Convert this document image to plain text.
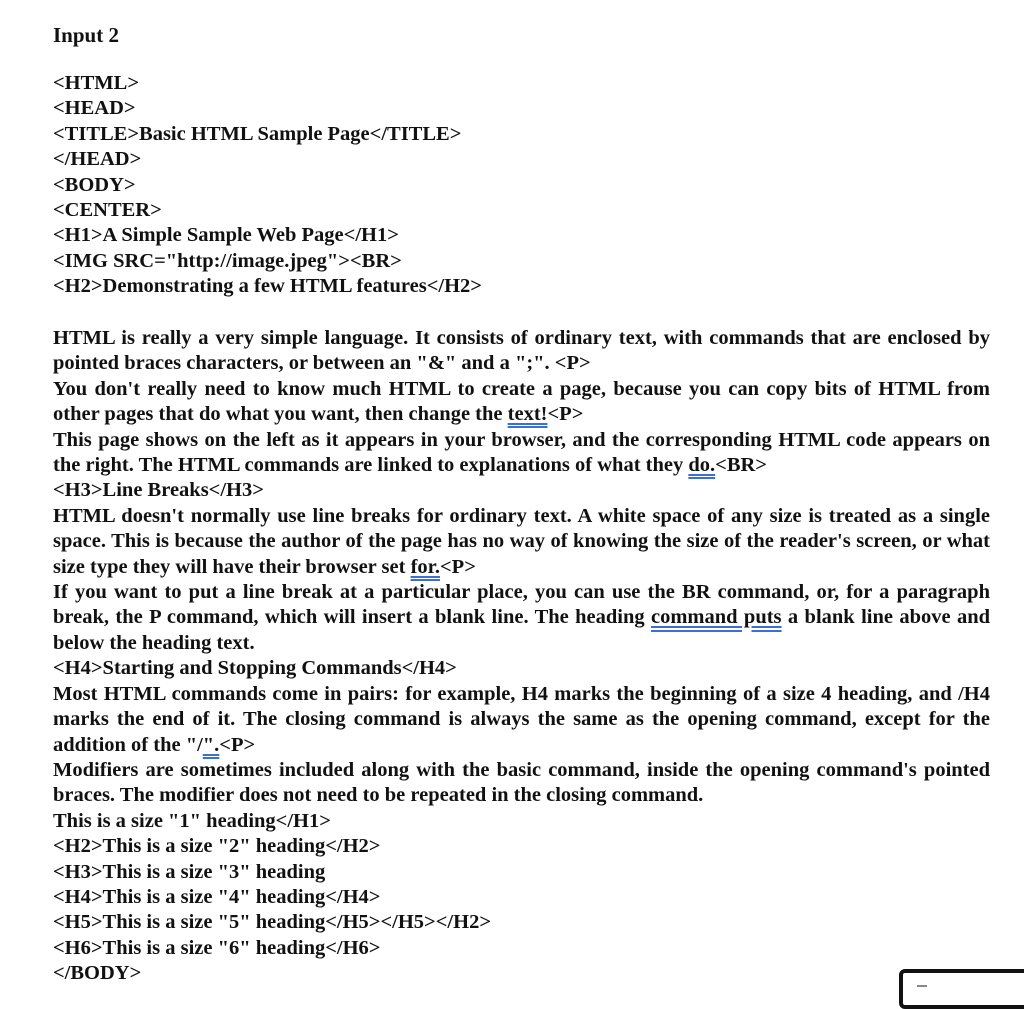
Input 2

<HTML>

<HEAD>

<TITLE>Basic HTML Sample Page</TITLE>

</HEAD>

<BODY>

<CENTER>

<H1>A Simple Sample Web Page</H1>

<IMG SRC="http://image.jpeg"><BR>

<H2>Demonstrating a few HTML features</H2>

HTML is really a very simple language. It consists of ordinary text, with commands that are enclosed by pointed braces characters, or between an "&" and a ";". <P>

You don't really need to know much HTML to create a page, because you can copy bits of HTML from other pages that do what you want, then change the text!<P>

This page shows on the left as it appears in your browser, and the corresponding HTML code appears on the right. The HTML commands are linked to explanations of what they do.<BR>

<H3>Line Breaks</H3>

HTML doesn't normally use line breaks for ordinary text. A white space of any size is treated as a single space. This is because the author of the page has no way of knowing the size of the reader's screen, or what size type they will have their browser set for.<P>

If you want to put a line break at a particular place, you can use the BR command, or, for a paragraph break, the P command, which will insert a blank line. The heading command puts a blank line above and below the heading text.

<H4>Starting and Stopping Commands</H4>

Most HTML commands come in pairs: for example, H4 marks the beginning of a size 4 heading, and /H4 marks the end of it. The closing command is always the same as the opening command, except for the addition of the "/".<P>

Modifiers are sometimes included along with the basic command, inside the opening command's pointed braces. The modifier does not need to be repeated in the closing command.

This is a size "1" heading</H1>

<H2>This is a size "2" heading</H2>

<H3>This is a size "3" heading

<H4>This is a size "4" heading</H4>

<H5>This is a size "5" heading</H5></H5></H2>

<H6>This is a size "6" heading</H6>

</BODY>
